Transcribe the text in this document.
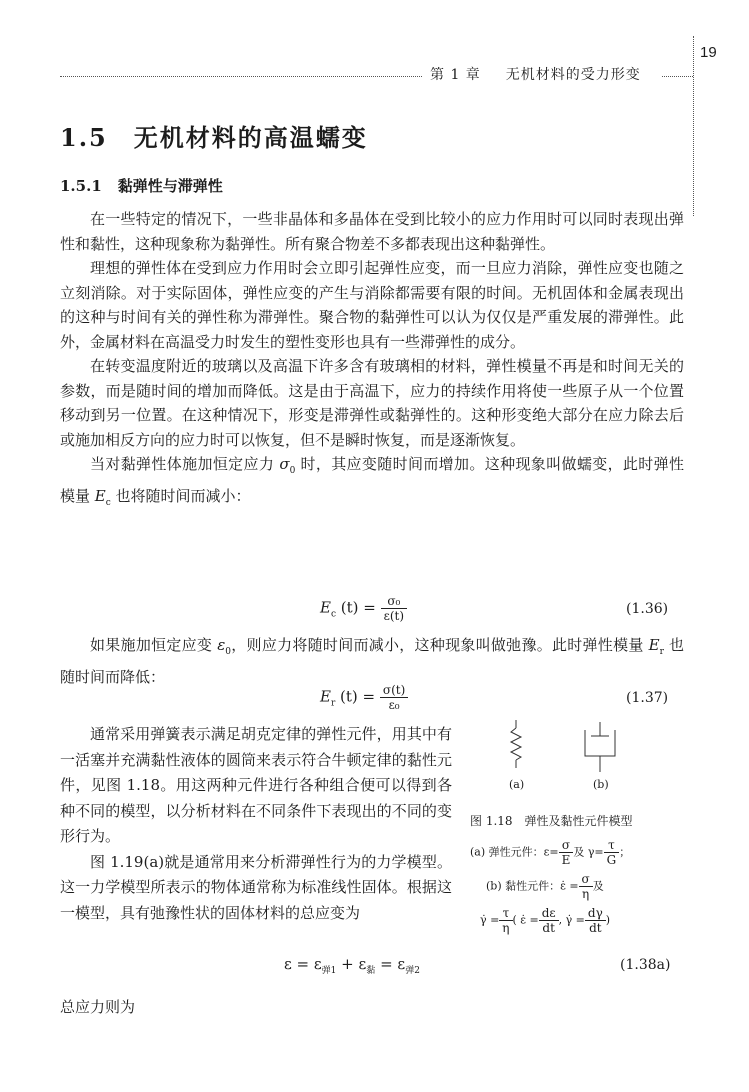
19
第 1 章 无机材料的受力形变
1.5 无机材料的高温蠕变
1.5.1 黏弹性与滞弹性

在一些特定的情况下，一些非晶体和多晶体在受到比较小的应力作用时可以同时表现出弹性和黏性，这种现象称为黏弹性。所有聚合物差不多都表现出这种黏弹性。

理想的弹性体在受到应力作用时会立即引起弹性应变，而一旦应力消除，弹性应变也随之立刻消除。对于实际固体，弹性应变的产生与消除都需要有限的时间。无机固体和金属表现出的这种与时间有关的弹性称为滞弹性。聚合物的黏弹性可以认为仅仅是严重发展的滞弹性。此外，金属材料在高温受力时发生的塑性变形也具有一些滞弹性的成分。

在转变温度附近的玻璃以及高温下许多含有玻璃相的材料，弹性模量不再是和时间无关的参数，而是随时间的增加而降低。这是由于高温下，应力的持续作用将使一些原子从一个位置移动到另一位置。在这种情况下，形变是滞弹性或黏弹性的。这种形变绝大部分在应力除去后或施加相反方向的应力时可以恢复，但不是瞬时恢复，而是逐渐恢复。

当对黏弹性体施加恒定应力 $\sigma_0$ 时，其应变随时间而增加。这种现象叫做蠕变，此时弹性模量 $E_c$ 也将随时间而减小：

$E_c$ $(t) = \frac{\text{σ₀}}{\varepsilon(t)}$	(1.36)

如果施加恒定应变 $\varepsilon_0$，则应力将随时间而减小，这种现象叫做弛豫。此时弹性模量 $E_r$ 也随时间而降低：

$E_r$ $(t) = \frac{\sigma(t)}{\text{ε₀}}$	(1.37)

通常采用弹簧表示满足胡克定律的弹性元件，用其中有一活塞并充满黏性液体的圆筒来表示符合牛顿定律的黏性元件，见图 1.18。用这两种元件进行各种组合便可以得到各种不同的模型，以分析材料在不同条件下表现出的不同的变形行为。

图 1.19(a)就是通常用来分析滞弹性行为的力学模型。这一力学模型所表示的物体通常称为标准线性固体。根据这一模型，具有弛豫性状的固体材料的总应变为

(a)	(b)
图 1.18　弹性及黏性元件模型
(a) 弹性元件：$\varepsilon= \frac{\sigma}{E}$ 及 $\gamma= \frac{\tau}{G}$ ；
(b) 黏性元件：ε̇ = $\frac{\sigma}{\eta}$ 及
γ̇ = $\frac{\tau}{\eta}$ ( ε̇ = $\frac{d\varepsilon}{dt}$ , γ̇ = $\frac{d\gamma}{dt}$ )
$\varepsilon = \varepsilon_{弹1} + \varepsilon_黏 = \varepsilon_{弹2}$	(1.38a)
总应力则为
